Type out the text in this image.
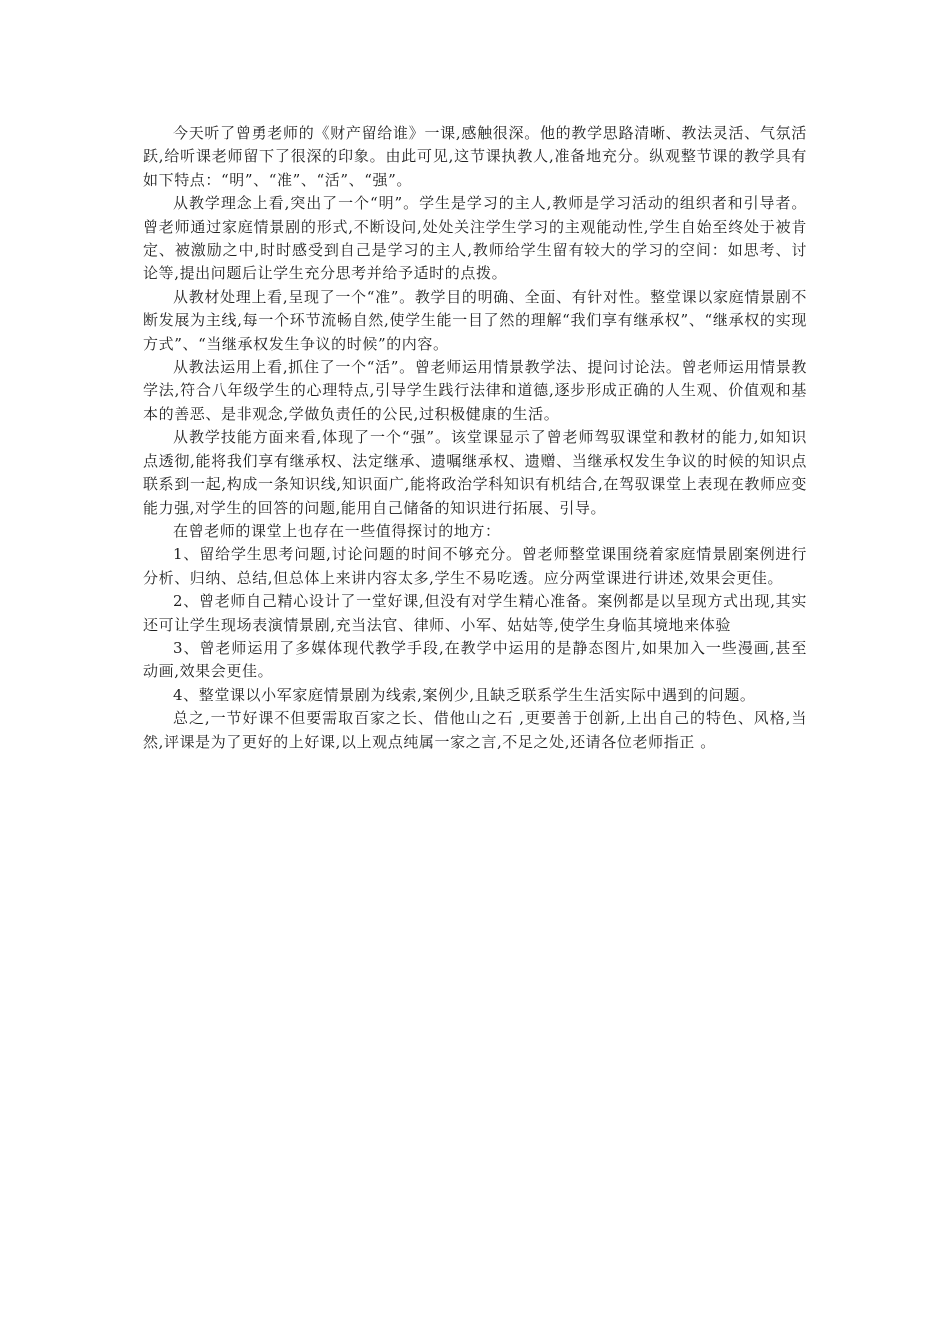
今天听了曾勇老师的《财产留给谁》一课,感触很深。他的教学思路清晰、教法灵活、气氛活跃,给听课老师留下了很深的印象。由此可见,这节课执教人,准备地充分。纵观整节课的教学具有如下特点：“明”、“准”、“活”、“强”。

从教学理念上看,突出了一个“明”。学生是学习的主人,教师是学习活动的组织者和引导者。曾老师通过家庭情景剧的形式,不断设问,处处关注学生学习的主观能动性,学生自始至终处于被肯定、被激励之中,时时感受到自己是学习的主人,教师给学生留有较大的学习的空间：如思考、讨论等,提出问题后让学生充分思考并给予适时的点拨。

从教材处理上看,呈现了一个“准”。教学目的明确、全面、有针对性。整堂课以家庭情景剧不断发展为主线,每一个环节流畅自然,使学生能一目了然的理解“我们享有继承权”、“继承权的实现方式”、“当继承权发生争议的时候”的内容。

从教法运用上看,抓住了一个“活”。曾老师运用情景教学法、提问讨论法。曾老师运用情景教学法,符合八年级学生的心理特点,引导学生践行法律和道德,逐步形成正确的人生观、价值观和基本的善恶、是非观念,学做负责任的公民,过积极健康的生活。

从教学技能方面来看,体现了一个“强”。该堂课显示了曾老师驾驭课堂和教材的能力,如知识点透彻,能将我们享有继承权、法定继承、遗嘱继承权、遗赠、当继承权发生争议的时候的知识点联系到一起,构成一条知识线,知识面广,能将政治学科知识有机结合,在驾驭课堂上表现在教师应变能力强,对学生的回答的问题,能用自己储备的知识进行拓展、引导。

在曾老师的课堂上也存在一些值得探讨的地方：

1、留给学生思考问题,讨论问题的时间不够充分。曾老师整堂课围绕着家庭情景剧案例进行分析、归纳、总结,但总体上来讲内容太多,学生不易吃透。应分两堂课进行讲述,效果会更佳。

2、曾老师自己精心设计了一堂好课,但没有对学生精心准备。案例都是以呈现方式出现,其实还可让学生现场表演情景剧,充当法官、律师、小军、姑姑等,使学生身临其境地来体验

3、曾老师运用了多媒体现代教学手段,在教学中运用的是静态图片,如果加入一些漫画,甚至动画,效果会更佳。

4、整堂课以小军家庭情景剧为线索,案例少,且缺乏联系学生生活实际中遇到的问题。

总之,一节好课不但要需取百家之长、借他山之石 ,更要善于创新,上出自己的特色、风格,当然,评课是为了更好的上好课,以上观点纯属一家之言,不足之处,还请各位老师指正 。
